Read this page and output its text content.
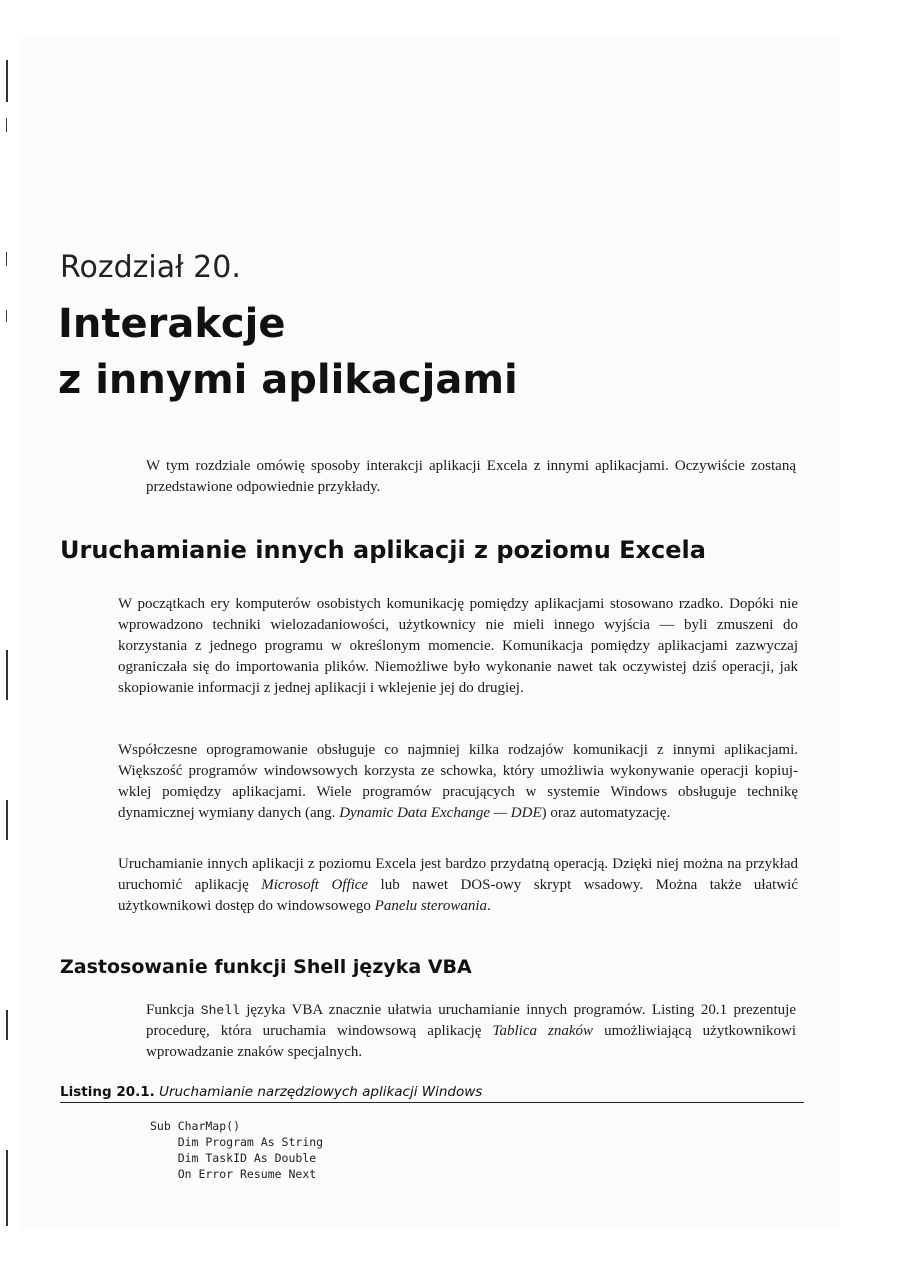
Rozdział 20.
Interakcje
z innymi aplikacjami
W tym rozdziale omówię sposoby interakcji aplikacji Excela z innymi aplikacjami. Oczywiście zostaną przedstawione odpowiednie przykłady.
Uruchamianie innych aplikacji z poziomu Excela
W początkach ery komputerów osobistych komunikację pomiędzy aplikacjami stosowano rzadko. Dopóki nie wprowadzono techniki wielozadaniowości, użytkownicy nie mieli innego wyjścia — byli zmuszeni do korzystania z jednego programu w określonym momencie. Komunikacja pomiędzy aplikacjami zazwyczaj ograniczała się do importowania plików. Niemożliwe było wykonanie nawet tak oczywistej dziś operacji, jak skopiowanie informacji z jednej aplikacji i wklejenie jej do drugiej.
Współczesne oprogramowanie obsługuje co najmniej kilka rodzajów komunikacji z innymi aplikacjami. Większość programów windowsowych korzysta ze schowka, który umożliwia wykonywanie operacji kopiuj-wklej pomiędzy aplikacjami. Wiele programów pracujących w systemie Windows obsługuje technikę dynamicznej wymiany danych (ang. Dynamic Data Exchange — DDE) oraz automatyzację.
Uruchamianie innych aplikacji z poziomu Excela jest bardzo przydatną operacją. Dzięki niej można na przykład uruchomić aplikację Microsoft Office lub nawet DOS-owy skrypt wsadowy. Można także ułatwić użytkownikowi dostęp do windowsowego Panelu sterowania.
Zastosowanie funkcji Shell języka VBA
Funkcja Shell języka VBA znacznie ułatwia uruchamianie innych programów. Listing 20.1 prezentuje procedurę, która uruchamia windowsową aplikację Tablica znaków umożliwiającą użytkownikowi wprowadzanie znaków specjalnych.
Listing 20.1. Uruchamianie narzędziowych aplikacji Windows
Sub CharMap()
Dim Program As String
Dim TaskID As Double
On Error Resume Next
